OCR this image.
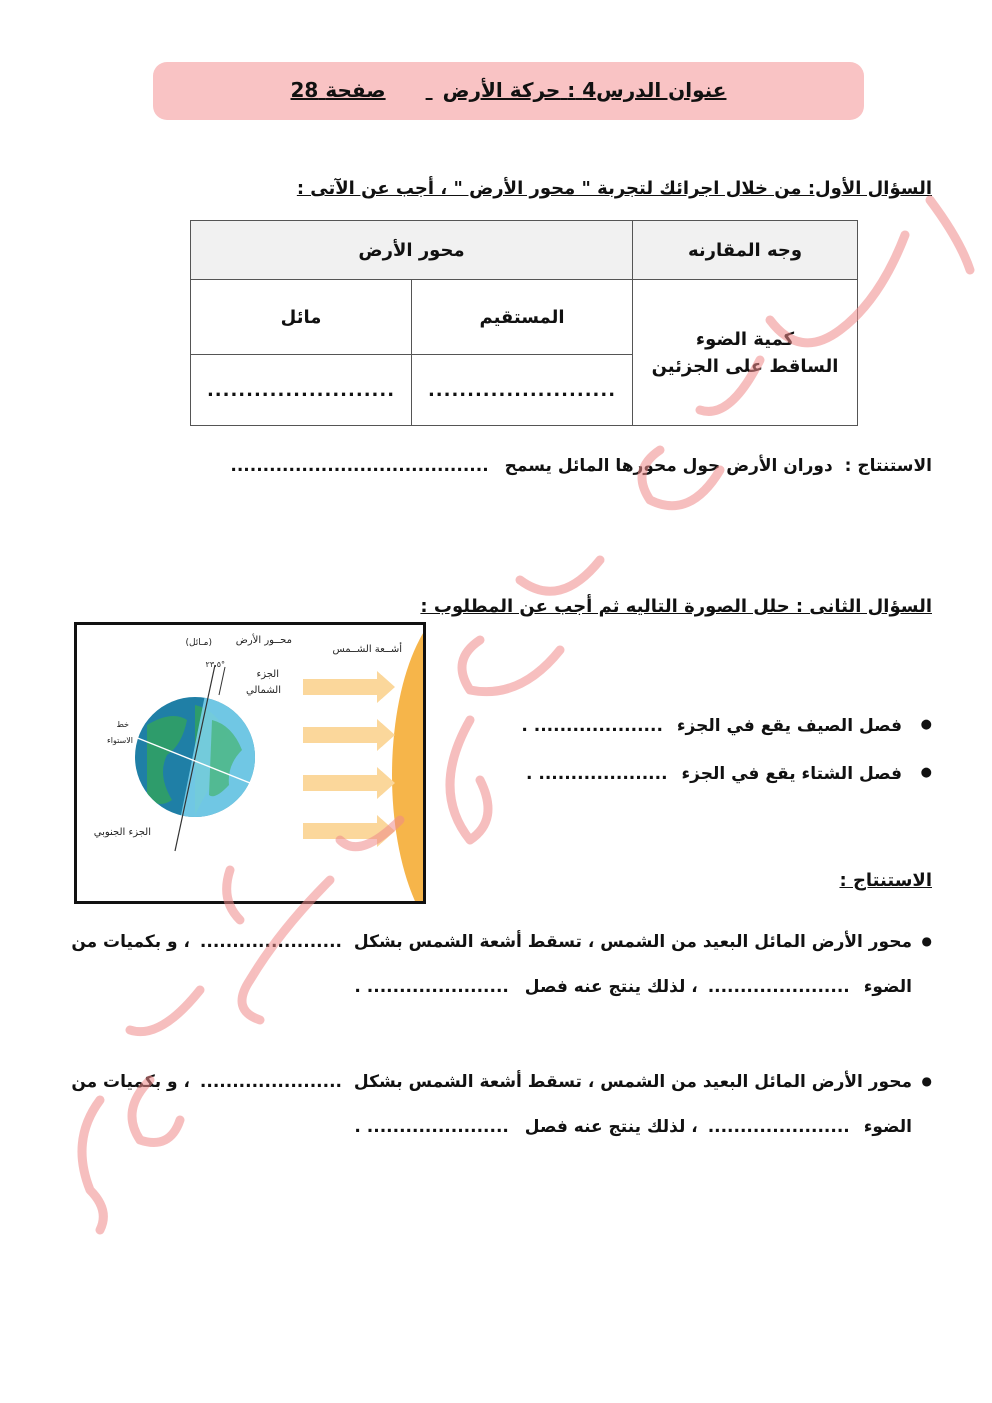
عنوان الدرس4 : حركة الأرض صفحة 28
السؤال الأول: من خلال اجرائك لتجربة " محور الأرض " ، أجب عن الآتى :
وجه المقارنه	محور الأرض	

كمية الضوء
الساقط على الجزئين	المستقيم	مائل
	........................	........................
الاستنتاج : دوران الأرض حول محورها المائل يسمح ........................................
السؤال الثانى : حلل الصورة التاليه ثم أجب عن المطلوب :
أشــعة الشــمس
محــور الأرض
(مـائل)
٢٣،٥°
الجزء
الشمالي
خط
الاستواء
الجزء الجنوبي
فصل الصيف يقع في الجزء .................... . ●
فصل الشتاء يقع في الجزء .................... . ●
الاستنتاج :
محور الأرض المائل البعيد من الشمس ، تسقط أشعة الشمس بشكل ...................... ، و بكميات من ●
الضوء ...................... ، لذلك ينتج عنه فصل ...................... .
محور الأرض المائل البعيد من الشمس ، تسقط أشعة الشمس بشكل ...................... ، و بكميات من ●
الضوء ...................... ، لذلك ينتج عنه فصل ...................... .
